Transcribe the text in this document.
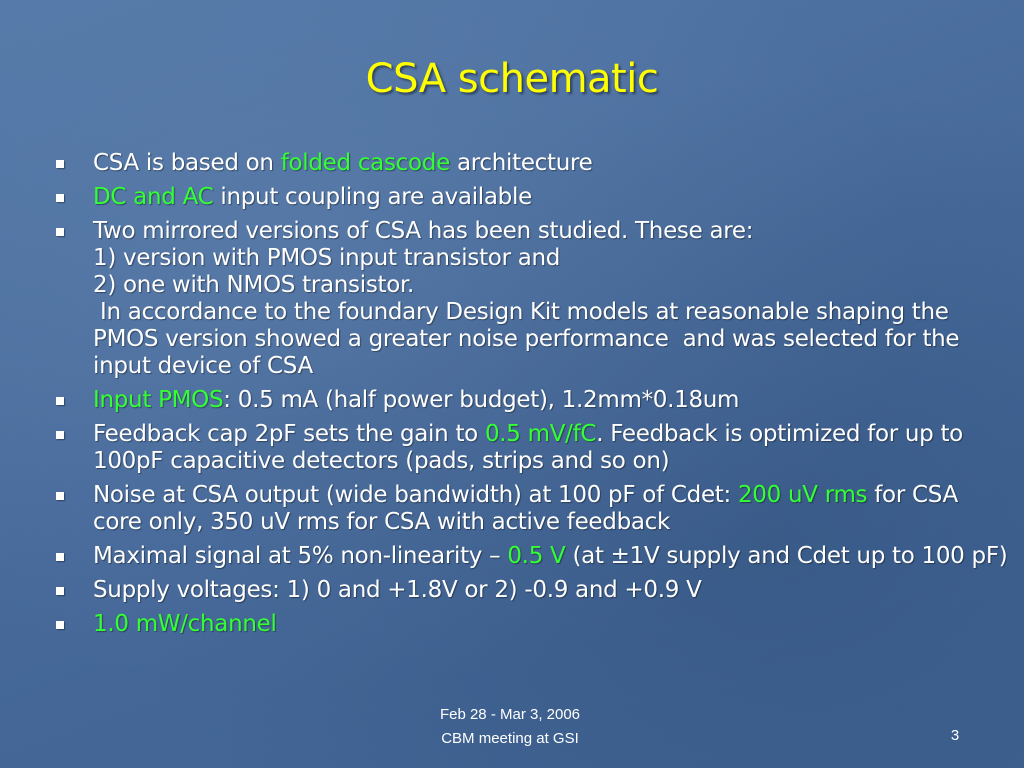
CSA schematic
CSA is based on folded cascode architecture
DC and AC input coupling are available
Two mirrored versions of CSA has been studied. These are:
1) version with PMOS input transistor and
2) one with NMOS transistor.
In accordance to the foundary Design Kit models at reasonable shaping the PMOS version showed a greater noise performance  and was selected for the input device of CSA
Input PMOS: 0.5 mA (half power budget), 1.2mm*0.18um
Feedback cap 2pF sets the gain to 0.5 mV/fC. Feedback is optimized for up to 100pF capacitive detectors (pads, strips and so on)
Noise at CSA output (wide bandwidth) at 100 pF of Cdet: 200 uV rms for CSA core only, 350 uV rms for CSA with active feedback
Maximal signal at 5% non-linearity – 0.5 V (at ±1V supply and Cdet up to 100 pF)
Supply voltages: 1) 0 and +1.8V or 2) -0.9 and +0.9 V
1.0 mW/channel
Feb 28 - Mar 3, 2006
CBM meeting at GSI	3
